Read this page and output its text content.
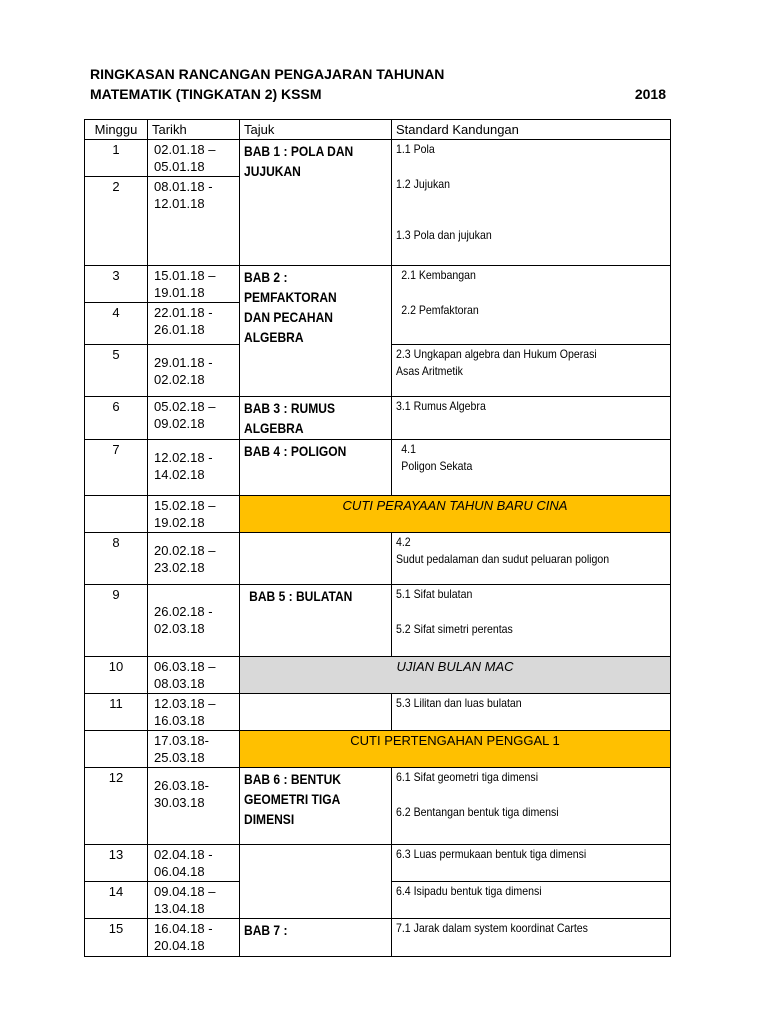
RINGKASAN RANCANGAN PENGAJARAN TAHUNAN
MATEMATIK (TINGKATAN 2) KSSM	2018
Minggu	Tarikh	Tajuk	Standard Kandungan
1	02.01.18 –
05.01.18	BAB 1 : POLA DAN
JUJUKAN	1.1 Pola
1.2 Jujukan
1.3 Pola dan jujukan

2	08.01.18 -
12.01.18		
3	15.01.18 –
19.01.18	BAB 2 :
PEMFAKTORAN
DAN PECAHAN
ALGEBRA	2.1 Kembangan
2.2 Pemfaktoran

4	22.01.18 -
26.01.18		
5	29.01.18 -
02.02.18		2.3 Ungkapan algebra dan Hukum Operasi
Asas Aritmetik

6	05.02.18 –
09.02.18	BAB 3 : RUMUS
ALGEBRA	3.1 Rumus Algebra

7	12.02.18 -
14.02.18	BAB 4 : POLIGON	4.1
Poligon Sekata

	15.02.18 –
19.02.18	CUTI PERAYAAN TAHUN BARU CINA	
8	20.02.18 –
23.02.18		4.2
Sudut pedalaman dan sudut peluaran poligon

9	26.02.18 -
02.03.18	BAB 5 : BULATAN	5.1 Sifat bulatan
5.2 Sifat simetri perentas

10	06.03.18 –
08.03.18	UJIAN BULAN MAC	
11	12.03.18 –
16.03.18		5.3 Lilitan dan luas bulatan

	17.03.18-
25.03.18	CUTI PERTENGAHAN PENGGAL 1	
12	26.03.18-
30.03.18	BAB 6 : BENTUK
GEOMETRI TIGA
DIMENSI	6.1 Sifat geometri tiga dimensi
6.2 Bentangan bentuk tiga dimensi

13	02.04.18 -
06.04.18		6.3 Luas permukaan bentuk tiga dimensi

14	09.04.18 –
13.04.18		6.4 Isipadu bentuk tiga dimensi

15	16.04.18 -
20.04.18	BAB 7 :	7.1 Jarak dalam system koordinat Cartes
